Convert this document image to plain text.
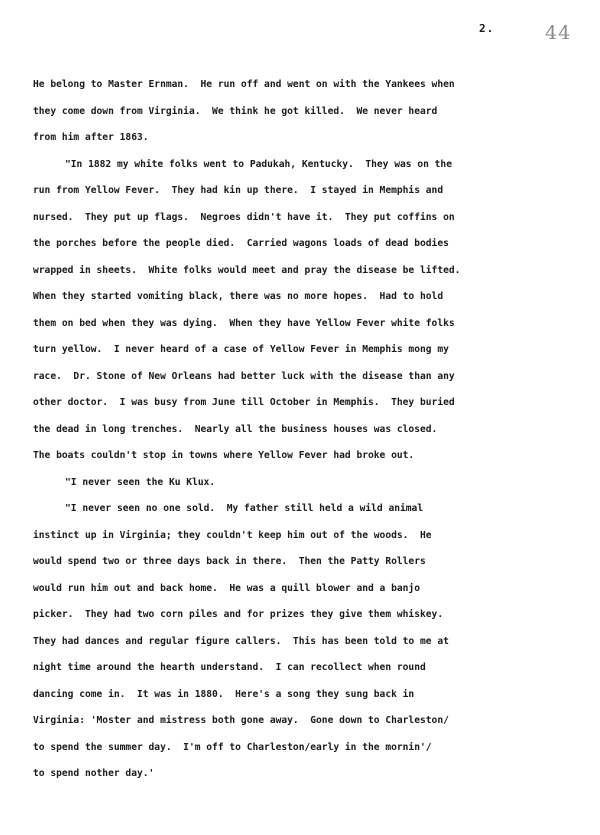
2.	44
He belong to Master Ernman.  He run off and went on with the Yankees when
they come down from Virginia.  We think he got killed.  We never heard
from him after 1863.
"In 1882 my white folks went to Padukah, Kentucky.  They was on the
run from Yellow Fever.  They had kin up there.  I stayed in Memphis and
nursed.  They put up flags.  Negroes didn't have it.  They put coffins on
the porches before the people died.  Carried wagons loads of dead bodies
wrapped in sheets.  White folks would meet and pray the disease be lifted.
When they started vomiting black, there was no more hopes.  Had to hold
them on bed when they was dying.  When they have Yellow Fever white folks
turn yellow.  I never heard of a case of Yellow Fever in Memphis mong my
race.  Dr. Stone of New Orleans had better luck with the disease than any
other doctor.  I was busy from June till October in Memphis.  They buried
the dead in long trenches.  Nearly all the business houses was closed.
The boats couldn't stop in towns where Yellow Fever had broke out.
"I never seen the Ku Klux.
"I never seen no one sold.  My father still held a wild animal
instinct up in Virginia; they couldn't keep him out of the woods.  He
would spend two or three days back in there.  Then the Patty Rollers
would run him out and back home.  He was a quill blower and a banjo
picker.  They had two corn piles and for prizes they give them whiskey.
They had dances and regular figure callers.  This has been told to me at
night time around the hearth understand.  I can recollect when round
dancing come in.  It was in 1880.  Here's a song they sung back in
Virginia: 'Moster and mistress both gone away.  Gone down to Charleston/
to spend the summer day.  I'm off to Charleston/early in the mornin'/
to spend nother day.'
